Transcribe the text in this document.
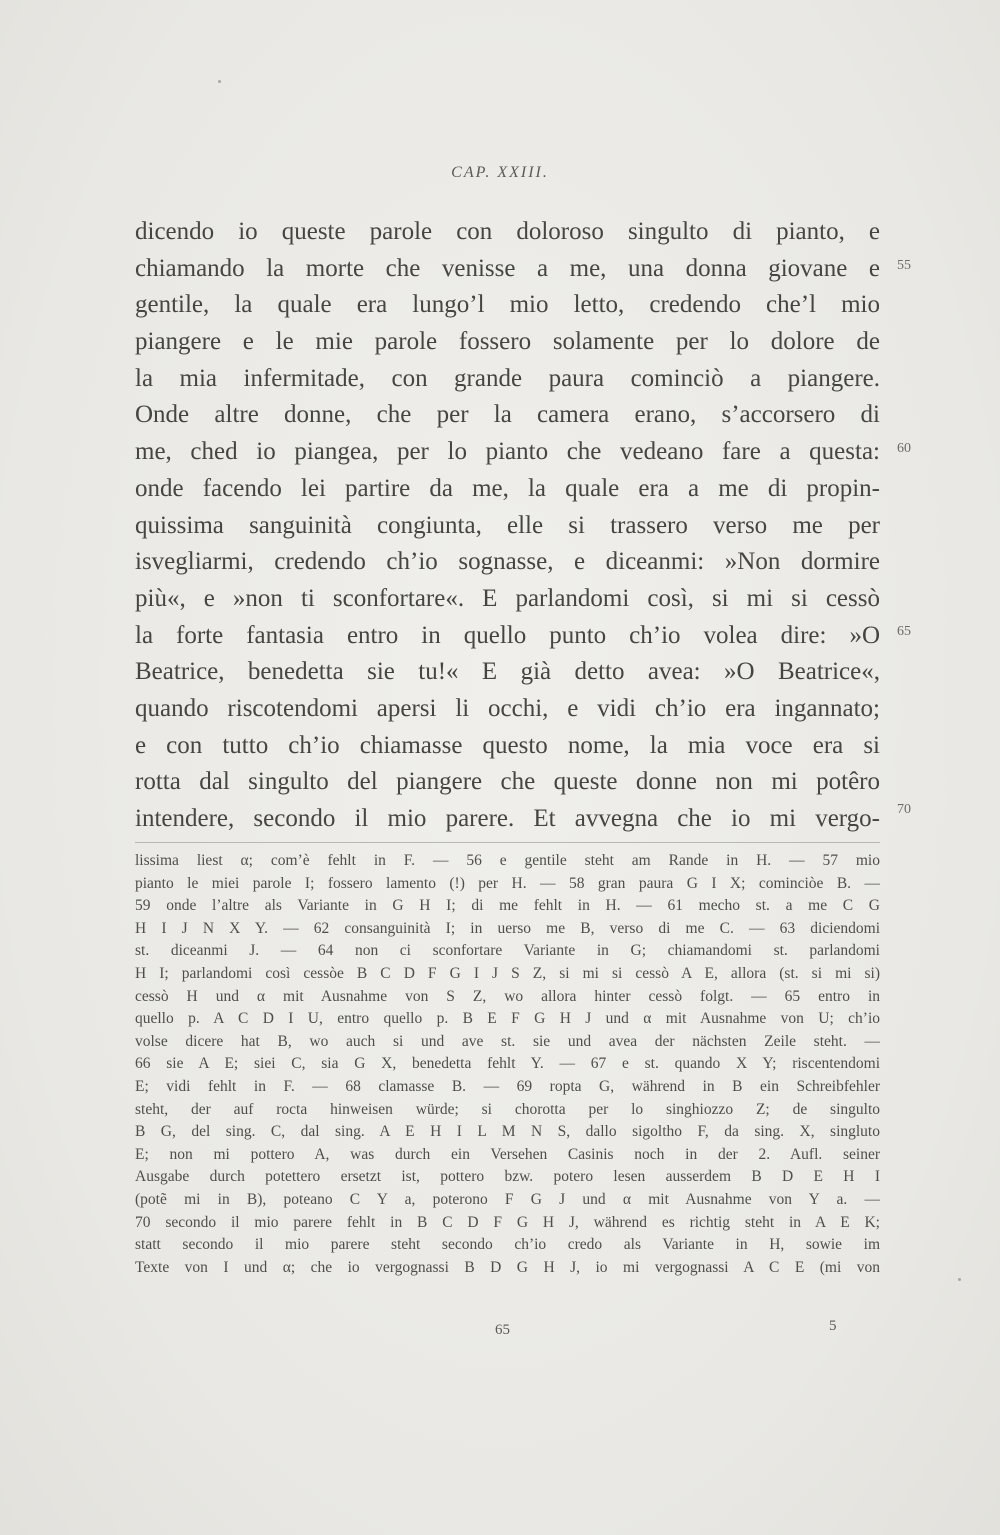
CAP. XXIII.
dicendo io queste parole con doloroso singulto di pianto, e
chiamando la morte che venisse a me, una donna giovane e
gentile, la quale era lungo’l mio letto, credendo che’l mio
piangere e le mie parole fossero solamente per lo dolore de
la mia infermitade, con grande paura cominciò a piangere.
Onde altre donne, che per la camera erano, s’accorsero di
me, ched io piangea, per lo pianto che vedeano fare a questa:
onde facendo lei partire da me, la quale era a me di propin-
quissima sanguinità congiunta, elle si trassero verso me per
isvegliarmi, credendo ch’io sognasse, e diceanmi: »Non dormire
più«, e »non ti sconfortare«. E parlandomi così, si mi si cessò
la forte fantasia entro in quello punto ch’io volea dire: »O
Beatrice, benedetta sie tu!« E già detto avea: »O Beatrice«,
quando riscotendomi apersi li occhi, e vidi ch’io era ingannato;
e con tutto ch’io chiamasse questo nome, la mia voce era si
rotta dal singulto del piangere che queste donne non mi potêro
intendere, secondo il mio parere. Et avvegna che io mi vergo-
55
60
65
70
lissima liest α; com’è fehlt in F. — 56 e gentile steht am Rande in H. — 57 mio
pianto le miei parole I; fossero lamento (!) per H. — 58 gran paura G I X; cominciòe B. —
59 onde l’altre als Variante in G H I; di me fehlt in H. — 61 mecho st. a me C G
H I J N X Y. — 62 consanguinità I; in uerso me B, verso di me C. — 63 diciendomi
st. diceanmi J. — 64 non ci sconfortare Variante in G; chiamandomi st. parlandomi
H I; parlandomi così cessòe B C D F G I J S Z, si mi si cessò A E, allora (st. si mi si)
cessò H und α mit Ausnahme von S Z, wo allora hinter cessò folgt. — 65 entro in
quello p. A C D I U, entro quello p. B E F G H J und α mit Ausnahme von U; ch’io
volse dicere hat B, wo auch si und ave st. sie und avea der nächsten Zeile steht. —
66 sie A E; siei C, sia G X, benedetta fehlt Y. — 67 e st. quando X Y; riscentendomi
E; vidi fehlt in F. — 68 clamasse B. — 69 ropta G, während in B ein Schreibfehler
steht, der auf rocta hinweisen würde; si chorotta per lo singhiozzo Z; de singulto
B G, del sing. C, dal sing. A E H I L M N S, dallo sigoltho F, da sing. X, singluto
E; non mi pottero A, was durch ein Versehen Casinis noch in der 2. Aufl. seiner
Ausgabe durch potettero ersetzt ist, pottero bzw. potero lesen ausserdem B D E H I
(potẽ mi in B), poteano C Y a, poterono F G J und α mit Ausnahme von Y a. —
70 secondo il mio parere fehlt in B C D F G H J, während es richtig steht in A E K;
statt secondo il mio parere steht secondo ch’io credo als Variante in H, sowie im
Texte von I und α; che io vergognassi B D G H J, io mi vergognassi A C E (mi von
65	5
